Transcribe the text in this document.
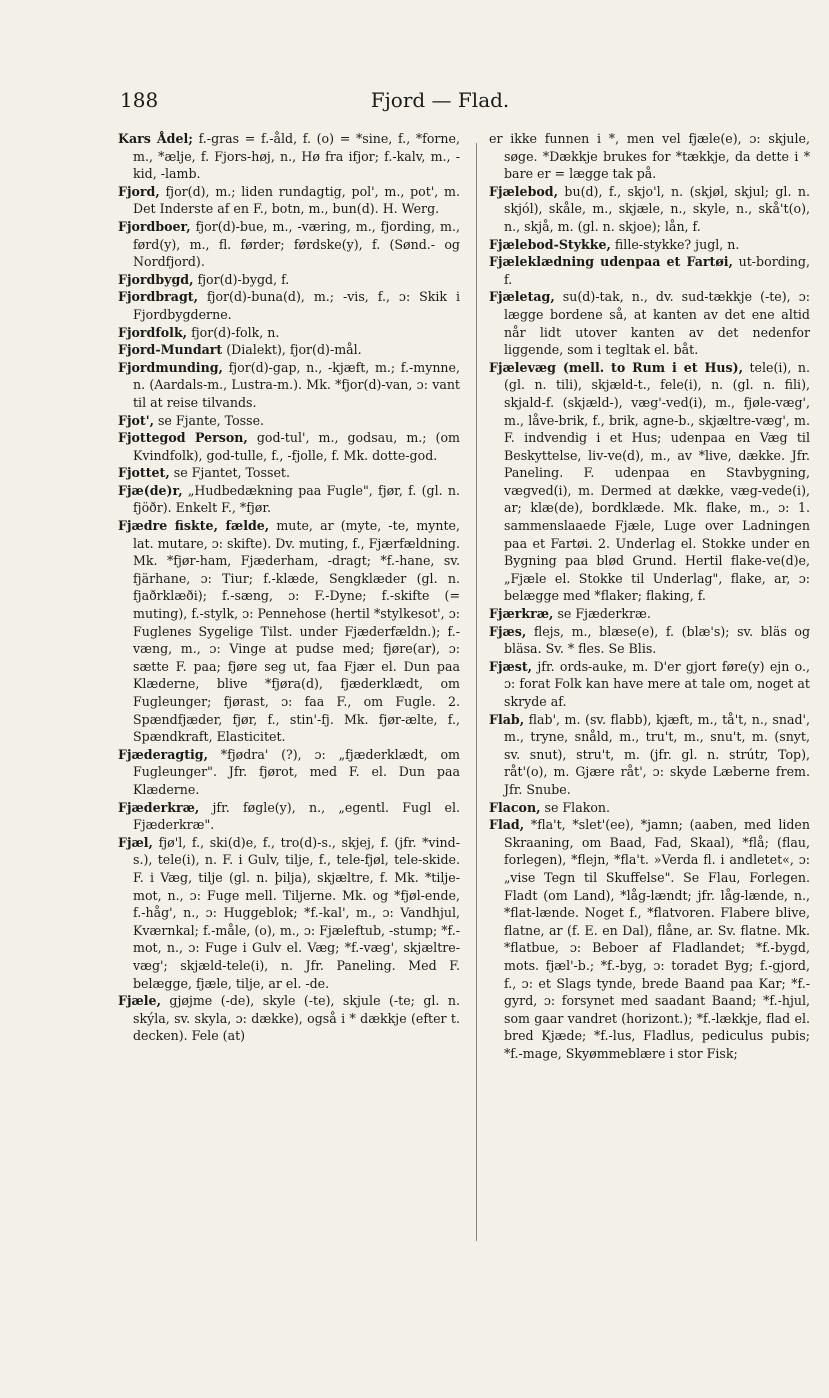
188	Fjord — Flad.

Kars Ådel; f.-gras = f.-åld, f. (o) = *sine, f., *forne, m., *ælje, f. Fjors-høj, n., Hø fra ifjor; f.-kalv, m., -kid, -lamb.

Fjord, fjor(d), m.; liden rundagtig, pol', m., pot', m. Det Inderste af en F., botn, m., bun(d). H. Werg.

Fjordboer, fjor(d)-bue, m., -væring, m., fjording, m., førd(y), m., fl. førder; førdske(y), f. (Sønd.- og Nordfjord).

Fjordbygd, fjor(d)-bygd, f.

Fjordbragt, fjor(d)-buna(d), m.; -vis, f., ɔ: Skik i Fjordbygderne.

Fjordfolk, fjor(d)-folk, n.

Fjord-Mundart (Dialekt), fjor(d)-mål.

Fjordmunding, fjor(d)-gap, n., -kjæft, m.; f.-mynne, n. (Aardals-m., Lustra-m.). Mk. *fjor(d)-van, ɔ: vant til at reise tilvands.

Fjot', se Fjante, Tosse.

Fjottegod Person, god-tul', m., godsau, m.; (om Kvindfolk), god-tulle, f., -fjolle, f. Mk. dotte-god.

Fjottet, se Fjantet, Tosset.

Fjæ(de)r, „Hudbedækning paa Fugle", fjør, f. (gl. n. fjöðr). Enkelt F., *fjør.

Fjædre fiskte, fælde, mute, ar (myte, -te, mynte, lat. mutare, ɔ: skifte). Dv. muting, f., Fjærfældning. Mk. *fjør-ham, Fjæderham, -dragt; *f.-hane, sv. fjärhane, ɔ: Tiur; f.-klæde, Sengklæder (gl. n. fjaðrklæði); f.-sæng, ɔ: F.-Dyne; f.-skifte (= muting), f.-stylk, ɔ: Pennehose (hertil *stylkesot', ɔ: Fuglenes Sygelige Tilst. under Fjæderfældn.); f.-væng, m., ɔ: Vinge at pudse med; fjøre(ar), ɔ: sætte F. paa; fjøre seg ut, faa Fjær el. Dun paa Klæderne, blive *fjøra(d), fjæderklædt, om Fugleunger; fjørast, ɔ: faa F., om Fugle. 2. Spændfjæder, fjør, f., stin'-fj. Mk. fjør-ælte, f., Spændkraft, Elasticitet.

Fjæderagtig, *fjødra' (?), ɔ: „fjæderklædt, om Fugleunger". Jfr. fjørot, med F. el. Dun paa Klæderne.

Fjæderkræ, jfr. føgle(y), n., „egentl. Fugl el. Fjæderkræ".

Fjæl, fjø'l, f., ski(d)e, f., tro(d)-s., skjej, f. (jfr. *vind-s.), tele(i), n. F. i Gulv, tilje, f., tele-fjøl, tele-skide. F. i Væg, tilje (gl. n. þilja), skjæltre, f. Mk. *tilje-mot, n., ɔ: Fuge mell. Tiljerne. Mk. og *fjøl-ende, f.-håg', n., ɔ: Huggeblok; *f.-kal', m., ɔ: Vandhjul, Kværnkal; f.-måle, (o), m., ɔ: Fjæleftub, -stump; *f.-mot, n., ɔ: Fuge i Gulv el. Væg; *f.-væg', skjæltre-væg'; skjæld-tele(i), n. Jfr. Paneling. Med F. belægge, fjæle, tilje, ar el. -de.

Fjæle, gjøjme (-de), skyle (-te), skjule (-te; gl. n. skýla, sv. skyla, ɔ: dække), også i * dækkje (efter t. decken). Fele (at)

er ikke funnen i *, men vel fjæle(e), ɔ: skjule, søge. *Dækkje brukes for *tækkje, da dette i * bare er = lægge tak på.

Fjælebod, bu(d), f., skjo'l, n. (skjøl, skjul; gl. n. skjól), skåle, m., skjæle, n., skyle, n., skå't(o), n., skjå, m. (gl. n. skjoe); lån, f.

Fjælebod-Stykke, fille-stykke? jugl, n.

Fjæleklædning udenpaa et Fartøi, ut-bording, f.

Fjæletag, su(d)-tak, n., dv. sud-tækkje (-te), ɔ: lægge bordene så, at kanten av det ene altid når lidt utover kanten av det nedenfor liggende, som i tegltak el. båt.

Fjælevæg (mell. to Rum i et Hus), tele(i), n. (gl. n. tili), skjæld-t., fele(i), n. (gl. n. fili), skjald-f. (skjæld-), væg'-ved(i), m., fjøle-væg', m., låve-brik, f., brik, agne-b., skjæltre-væg', m. F. indvendig i et Hus; udenpaa en Væg til Beskyttelse, liv-ve(d), m., av *live, dække. Jfr. Paneling. F. udenpaa en Stavbygning, vægved(i), m. Dermed at dække, væg-vede(i), ar; klæ(de), bordklæde. Mk. flake, m., ɔ: 1. sammenslaaede Fjæle, Luge over Ladningen paa et Fartøi. 2. Underlag el. Stokke under en Bygning paa blød Grund. Hertil flake-ve(d)e, „Fjæle el. Stokke til Underlag", flake, ar, ɔ: belægge med *flaker; flaking, f.

Fjærkræ, se Fjæderkræ.

Fjæs, flejs, m., blæse(e), f. (blæ's); sv. bläs og bläsa. Sv. * fles. Se Blis.

Fjæst, jfr. ords-auke, m. D'er gjort føre(y) ejn o., ɔ: forat Folk kan have mere at tale om, noget at skryde af.

Flab, flab', m. (sv. flabb), kjæft, m., tå't, n., snad', m., tryne, snåld, m., tru't, m., snu't, m. (snyt, sv. snut), stru't, m. (jfr. gl. n. strútr, Top), råt'(o), m. Gjære råt', ɔ: skyde Læberne frem. Jfr. Snube.

Flacon, se Flakon.

Flad, *fla't, *slet'(ee), *jamn; (aaben, med liden Skraaning, om Baad, Fad, Skaal), *flå; (flau, forlegen), *flejn, *fla't. »Verda fl. i andletet«, ɔ: „vise Tegn til Skuffelse". Se Flau, Forlegen. Fladt (om Land), *låg-lændt; jfr. låg-lænde, n., *flat-lænde. Noget f., *flatvoren. Flabere blive, flatne, ar (f. E. en Dal), flåne, ar. Sv. flatne. Mk. *flatbue, ɔ: Beboer af Fladlandet; *f.-bygd, mots. fjæl'-b.; *f.-byg, ɔ: toradet Byg; f.-gjord, f., ɔ: et Slags tynde, brede Baand paa Kar; *f.-gyrd, ɔ: forsynet med saadant Baand; *f.-hjul, som gaar vandret (horizont.); *f.-lækkje, flad el. bred Kjæde; *f.-lus, Fladlus, pediculus pubis; *f.-mage, Skyømmeblære i stor Fisk;
